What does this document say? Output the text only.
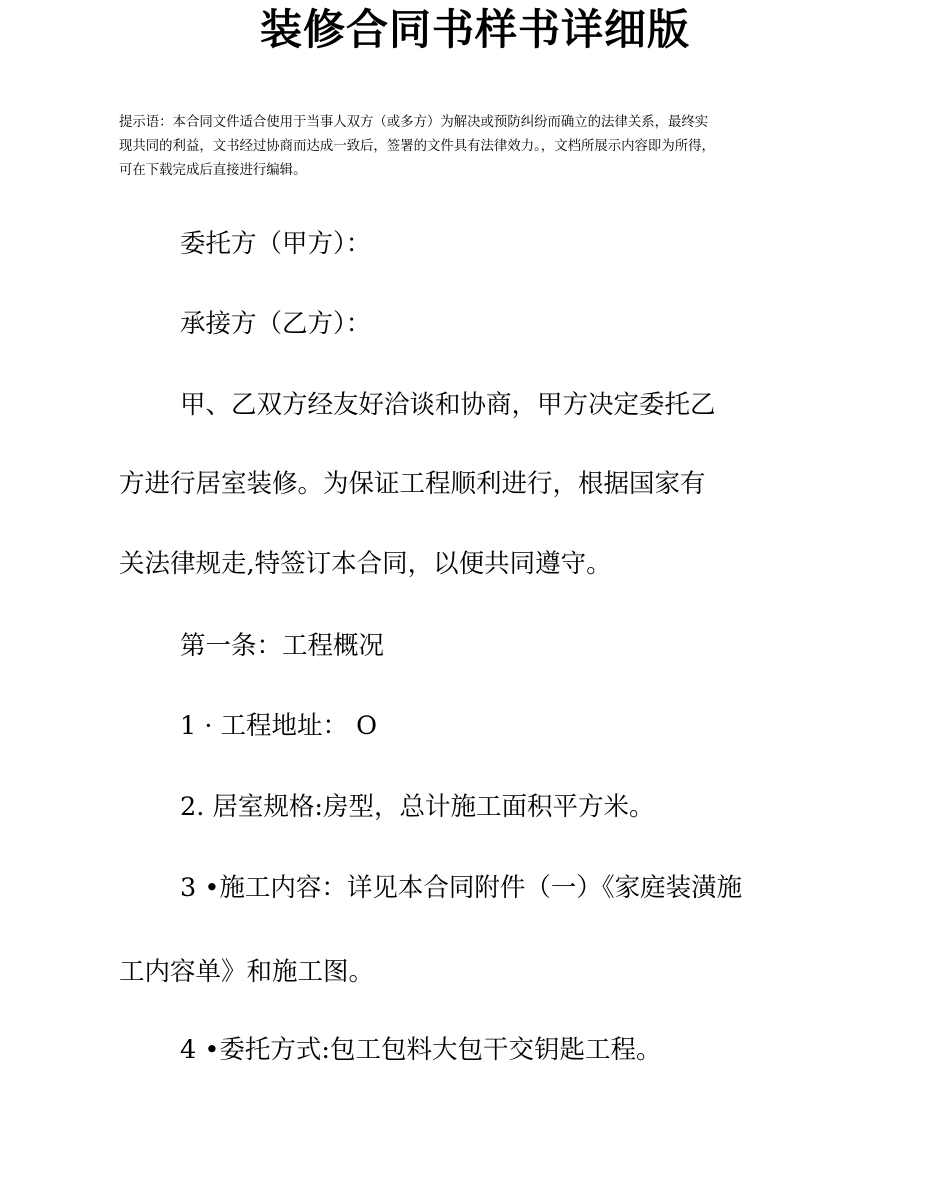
装修合同书样书详细版

提示语：本合同文件适合使用于当事人双方（或多方）为解决或预防纠纷而确立的法律关系，最终实

现共同的利益，文书经过协商而达成一致后，签署的文件具有法律效力。，文档所展示内容即为所得，

可在下载完成后直接进行编辑。

委托方（甲方）：

承接方（乙方）：

甲、乙双方经友好洽谈和协商，甲方决定委托乙

方进行居室装修。为保证工程顺利进行，根据国家有

关法律规走,特签订本合同，以便共同遵守。

第一条：工程概况

1 · 工程地址： O

2. 居室规格:房型，总计施工面积平方米。

3 •施工内容：详见本合同附件（一）《家庭装潢施

工内容单》和施工图。

4 •委托方式:包工包料大包干交钥匙工程。
